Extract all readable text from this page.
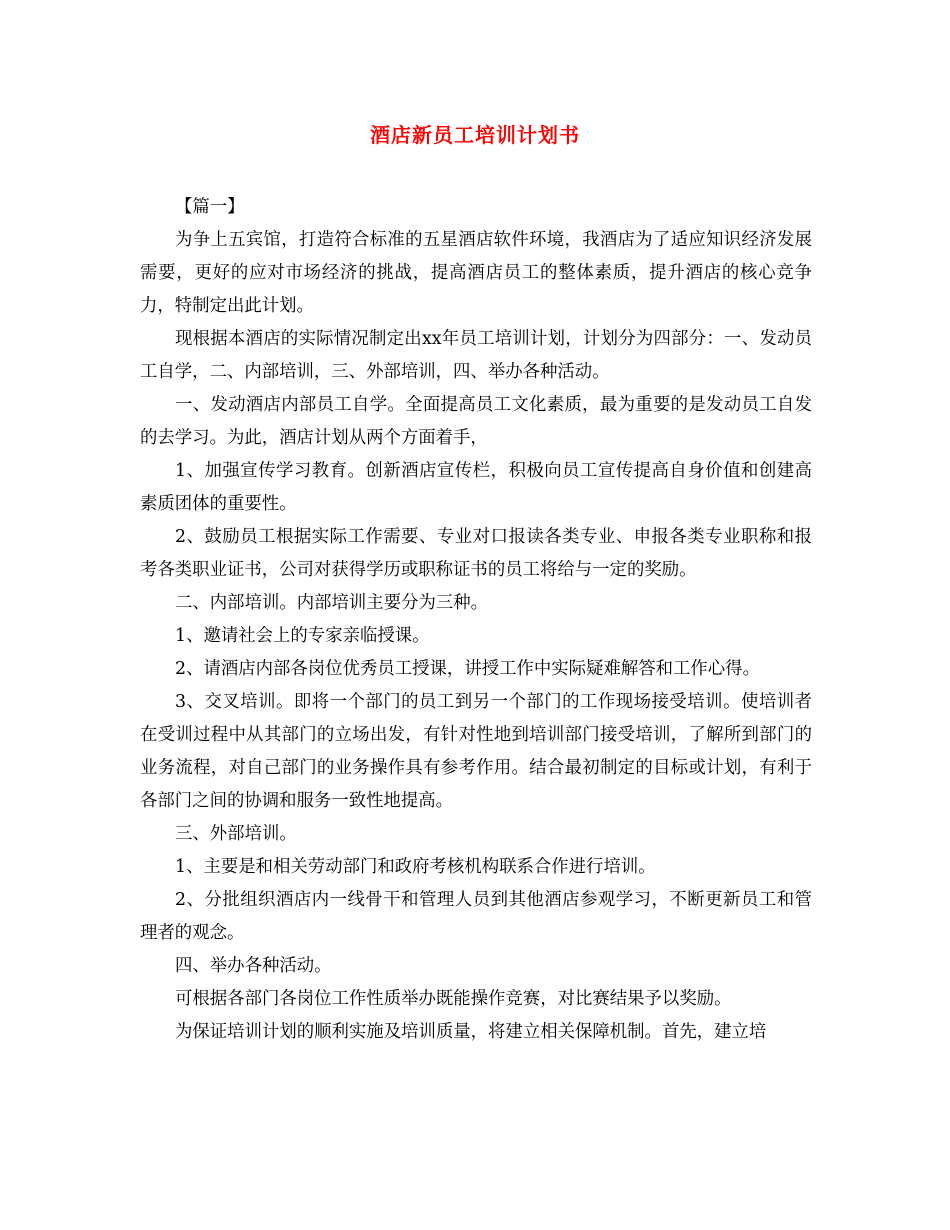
酒店新员工培训计划书

【篇一】

为争上五宾馆，打造符合标准的五星酒店软件环境，我酒店为了适应知识经济发展需要，更好的应对市场经济的挑战，提高酒店员工的整体素质，提升酒店的核心竞争力，特制定出此计划。

现根据本酒店的实际情况制定出xx年员工培训计划，计划分为四部分：一、发动员工自学，二、内部培训，三、外部培训，四、举办各种活动。

一、发动酒店内部员工自学。全面提高员工文化素质，最为重要的是发动员工自发的去学习。为此，酒店计划从两个方面着手，

1、加强宣传学习教育。创新酒店宣传栏，积极向员工宣传提高自身价值和创建高素质团体的重要性。

2、鼓励员工根据实际工作需要、专业对口报读各类专业、申报各类专业职称和报考各类职业证书，公司对获得学历或职称证书的员工将给与一定的奖励。

二、内部培训。内部培训主要分为三种。

1、邀请社会上的专家亲临授课。

2、请酒店内部各岗位优秀员工授课，讲授工作中实际疑难解答和工作心得。

3、交叉培训。即将一个部门的员工到另一个部门的工作现场接受培训。使培训者在受训过程中从其部门的立场出发，有针对性地到培训部门接受培训，了解所到部门的业务流程，对自己部门的业务操作具有参考作用。结合最初制定的目标或计划，有利于各部门之间的协调和服务一致性地提高。

三、外部培训。

1、主要是和相关劳动部门和政府考核机构联系合作进行培训。

2、分批组织酒店内一线骨干和管理人员到其他酒店参观学习，不断更新员工和管理者的观念。

四、举办各种活动。

可根据各部门各岗位工作性质举办既能操作竞赛，对比赛结果予以奖励。

为保证培训计划的顺利实施及培训质量，将建立相关保障机制。首先，建立培
